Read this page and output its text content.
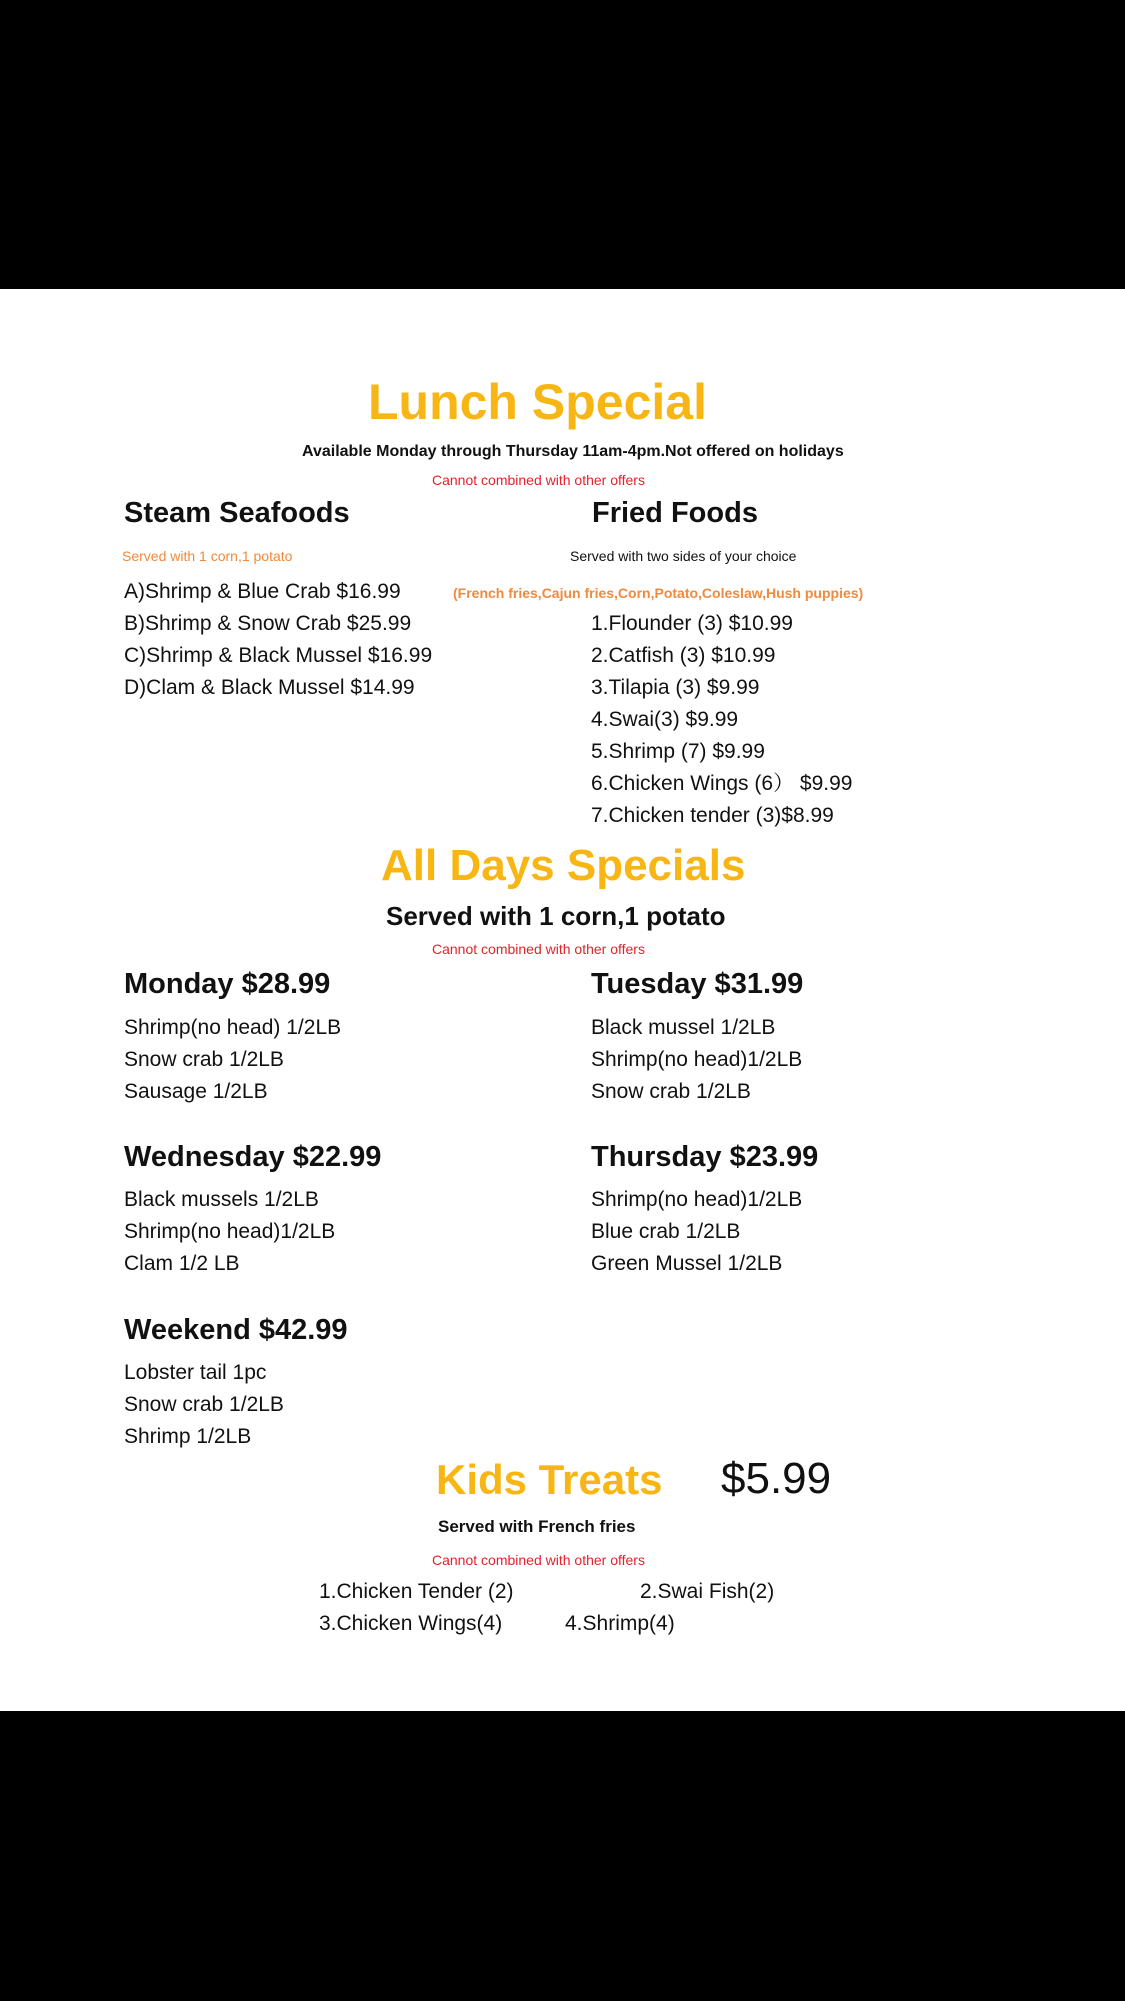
Lunch Special
Available Monday through Thursday 11am-4pm.Not offered on holidays
Cannot combined with other offers
Steam Seafoods
Served with 1 corn,1 potato
A)Shrimp & Blue Crab $16.99
B)Shrimp & Snow Crab $25.99
C)Shrimp & Black Mussel $16.99
D)Clam & Black Mussel $14.99
Fried Foods
Served with two sides of your choice
(French fries,Cajun fries,Corn,Potato,Coleslaw,Hush puppies)
1.Flounder (3) $10.99
2.Catfish (3) $10.99
3.Tilapia (3) $9.99
4.Swai(3) $9.99
5.Shrimp (7) $9.99
6.Chicken Wings (6） $9.99
7.Chicken tender (3)$8.99
All Days Specials
Served with 1 corn,1 potato
Cannot combined with other offers
Monday $28.99
Shrimp(no head) 1/2LB
Snow crab 1/2LB
Sausage 1/2LB
Tuesday $31.99
Black mussel 1/2LB
Shrimp(no head)1/2LB
Snow crab 1/2LB
Wednesday $22.99
Black mussels 1/2LB
Shrimp(no head)1/2LB
Clam 1/2 LB
Thursday $23.99
Shrimp(no head)1/2LB
Blue crab 1/2LB
Green Mussel 1/2LB
Weekend $42.99
Lobster tail 1pc
Snow crab 1/2LB
Shrimp 1/2LB
Kids Treats $5.99
Served with French fries
Cannot combined with other offers
1.Chicken Tender (2)	2.Swai Fish(2)
3.Chicken Wings(4)	4.Shrimp(4)
